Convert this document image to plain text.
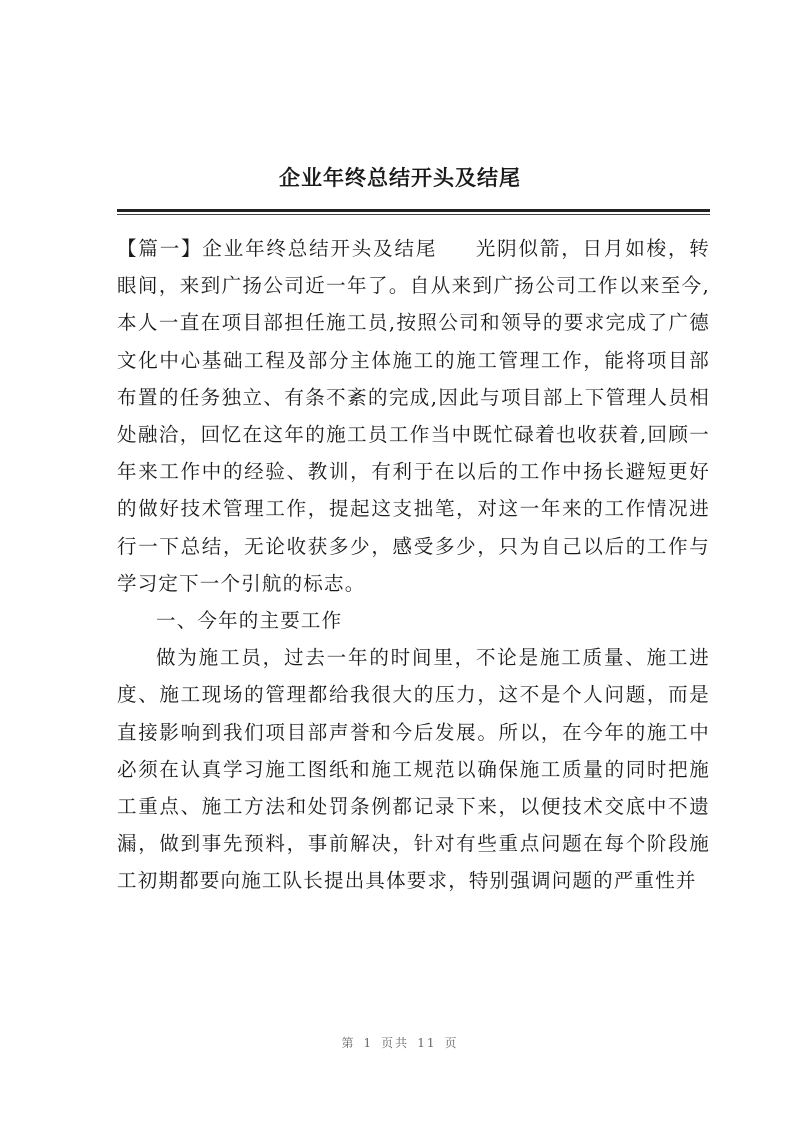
企业年终总结开头及结尾

【篇一】企业年终总结开头及结尾 光阴似箭，日月如梭，转眼间，来到广扬公司近一年了。自从来到广扬公司工作以来至今,本人一直在项目部担任施工员,按照公司和领导的要求完成了广德文化中心基础工程及部分主体施工的施工管理工作，能将项目部布置的任务独立、有条不紊的完成,因此与项目部上下管理人员相处融洽，回忆在这年的施工员工作当中既忙碌着也收获着,回顾一年来工作中的经验、教训，有利于在以后的工作中扬长避短更好的做好技术管理工作，提起这支拙笔，对这一年来的工作情况进行一下总结，无论收获多少，感受多少，只为自己以后的工作与学习定下一个引航的标志。

一、今年的主要工作

做为施工员，过去一年的时间里，不论是施工质量、施工进度、施工现场的管理都给我很大的压力，这不是个人问题，而是直接影响到我们项目部声誉和今后发展。所以，在今年的施工中必须在认真学习施工图纸和施工规范以确保施工质量的同时把施工重点、施工方法和处罚条例都记录下来，以便技术交底中不遗漏，做到事先预料，事前解决，针对有些重点问题在每个阶段施工初期都要向施工队长提出具体要求，特别强调问题的严重性并

第 1 页共 11 页
